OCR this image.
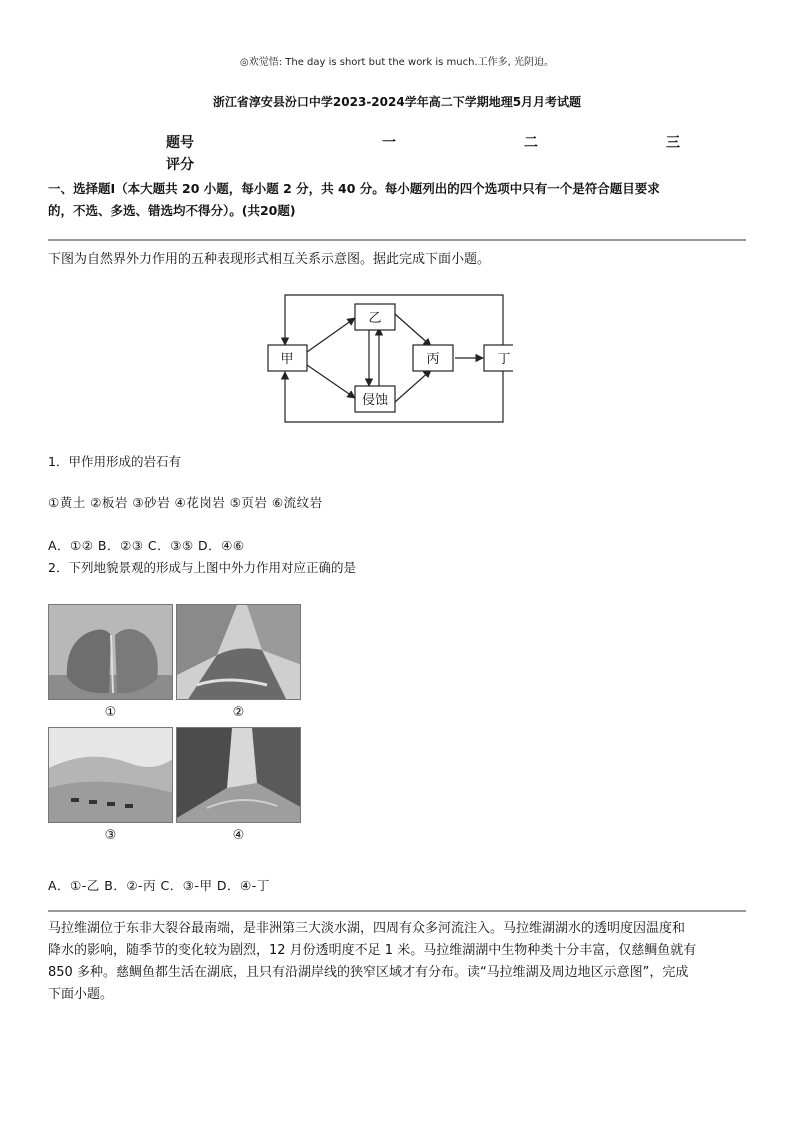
◎欢觉悟: The day is short but the work is much.工作多, 光阴迫。
浙江省淳安县汾口中学2023-2024学年高二下学期地理5月月考试题
题号	一	二	三
评分
一、选择题Ⅰ（本大题共 20 小题，每小题 2 分，共 40 分。每小题列出的四个选项中只有一个是符合题目要求
的，不选、多选、错选均不得分）。(共20题)
下图为自然界外力作用的五种表现形式相互关系示意图。据此完成下面小题。
甲
乙
丙	丁
侵蚀
1．甲作用形成的岩石有
①黄土 ②板岩 ③砂岩 ④花岗岩 ⑤页岩 ⑥流纹岩
A．①② B．②③ C．③⑤ D．④⑥
2．下列地貌景观的形成与上图中外力作用对应正确的是
①	②
③	④
A．①-乙 B．②-丙 C．③-甲 D．④-丁
马拉维湖位于东非大裂谷最南端，是非洲第三大淡水湖，四周有众多河流注入。马拉维湖湖水的透明度因温度和
降水的影响，随季节的变化较为剧烈，12 月份透明度不足 1 米。马拉维湖湖中生物种类十分丰富，仅慈鲷鱼就有
850 多种。慈鲷鱼都生活在湖底，且只有沿湖岸线的狭窄区域才有分布。读“马拉维湖及周边地区示意图”，完成
下面小题。
